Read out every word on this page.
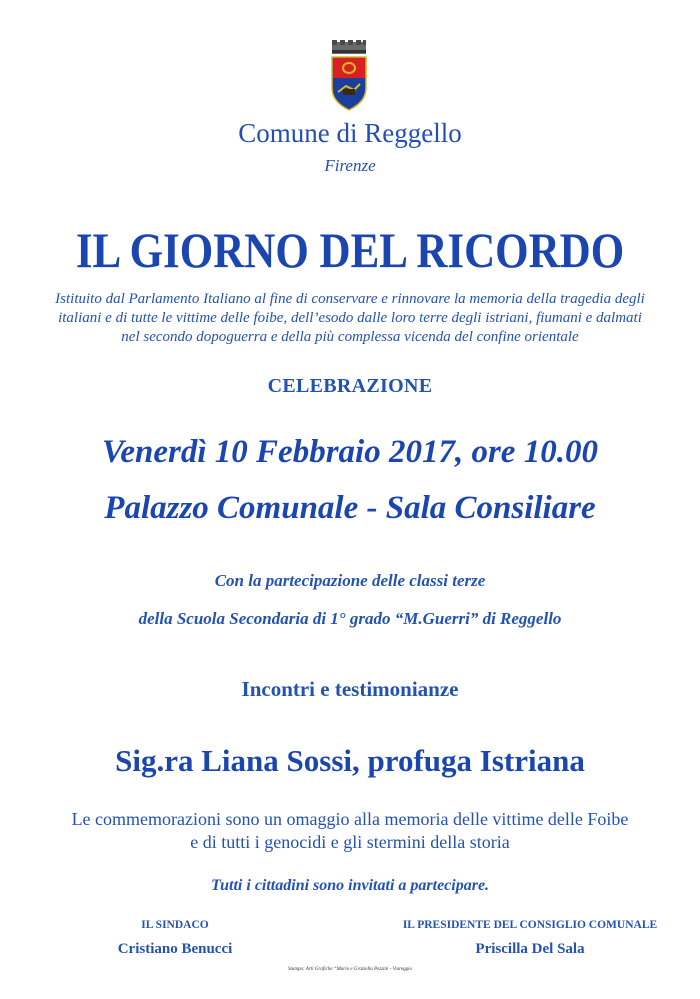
Comune di Reggello
Firenze
IL GIORNO DEL RICORDO
Istituito dal Parlamento Italiano al fine di conservare e rinnovare la memoria della tragedia degli
italiani e di tutte le vittime delle foibe, dell’esodo dalle loro terre degli istriani, fiumani e dalmati
nel secondo dopoguerra e della più complessa vicenda del confine orientale
CELEBRAZIONE
Venerdì 10 Febbraio 2017, ore 10.00
Palazzo Comunale - Sala Consiliare
Con la partecipazione delle classi terze
della Scuola Secondaria di 1° grado “M.Guerri” di Reggello
Incontri e testimonianze
Sig.ra Liana Sossi, profuga Istriana
Le commemorazioni sono un omaggio alla memoria delle vittime delle Foibe
e di tutti i genocidi e gli stermini della storia
Tutti i cittadini sono invitati a partecipare.
IL SINDACO
Cristiano Benucci
IL PRESIDENTE DEL CONSIGLIO COMUNALE
Priscilla Del Sala
Stampa: Arti Grafiche “Mario e Graziella Pezzini - Viareggio
